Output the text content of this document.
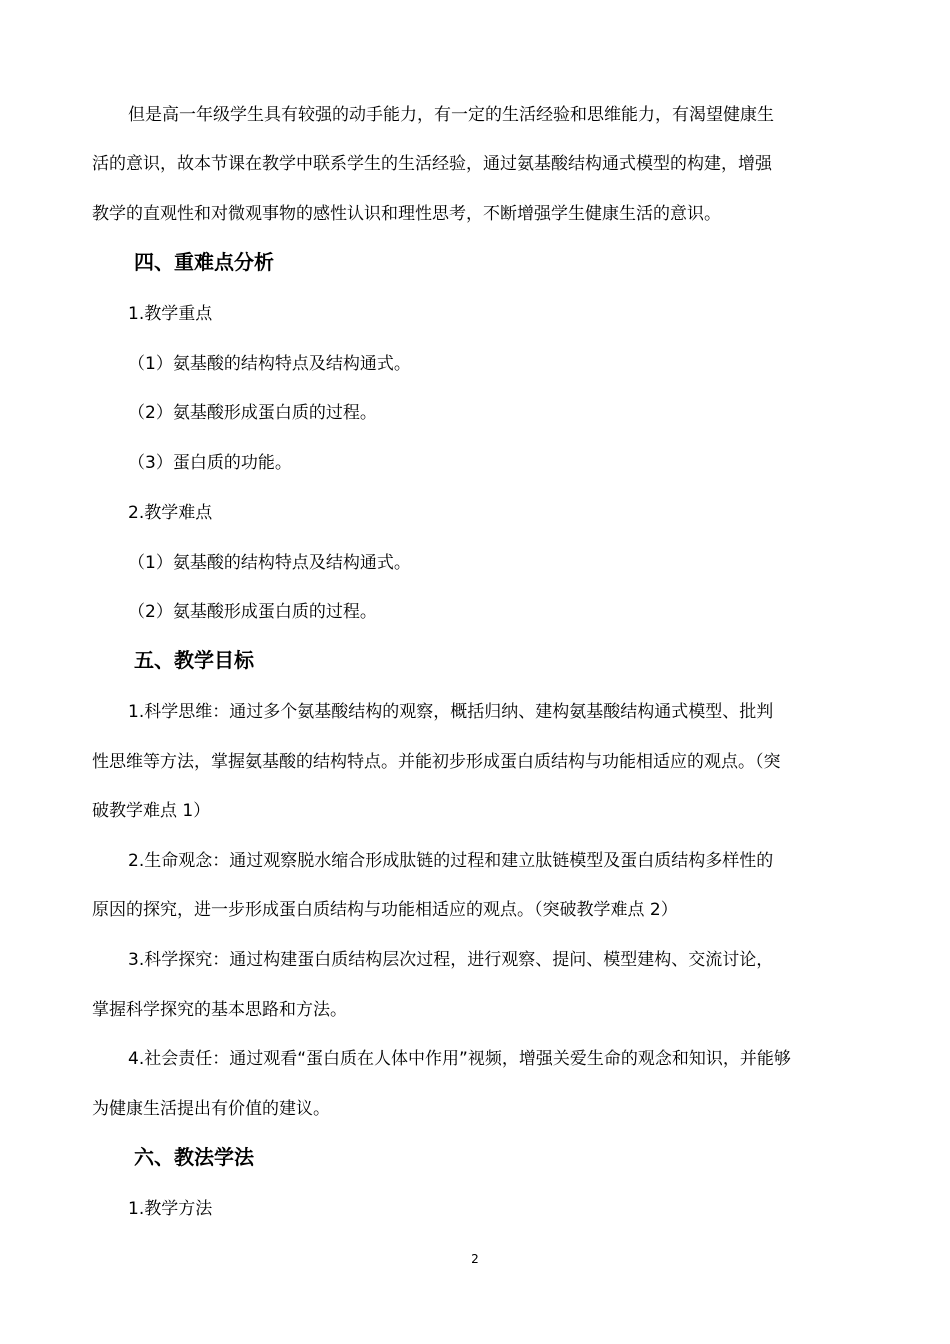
但是高一年级学生具有较强的动手能力，有一定的生活经验和思维能力，有渴望健康生
活的意识，故本节课在教学中联系学生的生活经验，通过氨基酸结构通式模型的构建，增强
教学的直观性和对微观事物的感性认识和理性思考，不断增强学生健康生活的意识。
四、重难点分析
1.教学重点
（1）氨基酸的结构特点及结构通式。
（2）氨基酸形成蛋白质的过程。
（3）蛋白质的功能。
2.教学难点
（1）氨基酸的结构特点及结构通式。
（2）氨基酸形成蛋白质的过程。
五、教学目标
1.科学思维：通过多个氨基酸结构的观察，概括归纳、建构氨基酸结构通式模型、批判
性思维等方法，掌握氨基酸的结构特点。并能初步形成蛋白质结构与功能相适应的观点。（突
破教学难点 1）
2.生命观念：通过观察脱水缩合形成肽链的过程和建立肽链模型及蛋白质结构多样性的
原因的探究，进一步形成蛋白质结构与功能相适应的观点。（突破教学难点 2）
3.科学探究：通过构建蛋白质结构层次过程，进行观察、提问、模型建构、交流讨论，
掌握科学探究的基本思路和方法。
4.社会责任：通过观看“蛋白质在人体中作用”视频，增强关爱生命的观念和知识，并能够
为健康生活提出有价值的建议。
六、教法学法
1.教学方法
2
